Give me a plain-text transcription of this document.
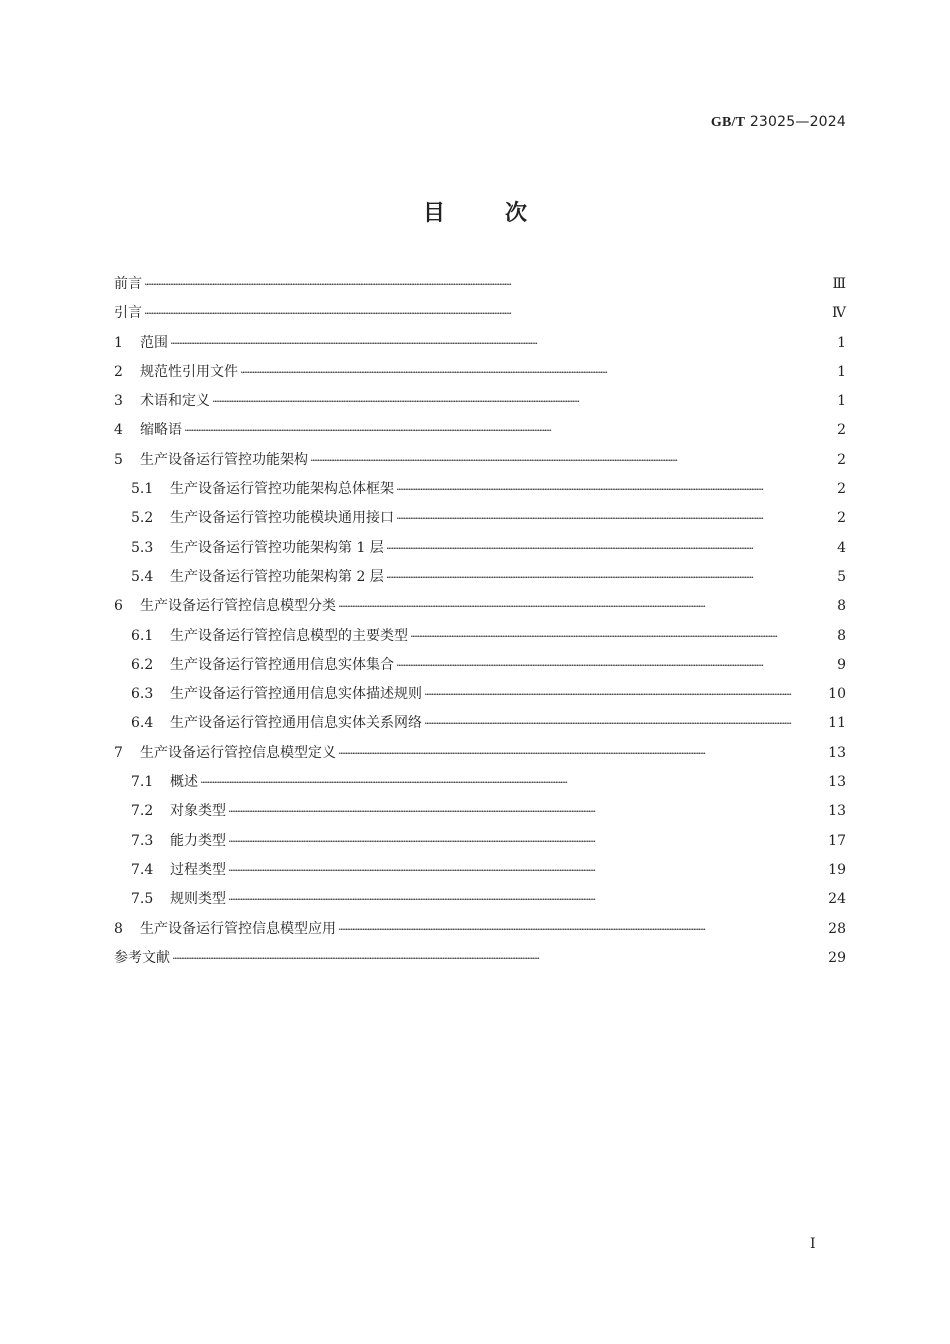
GB/T 23025—2024
目次
前言 ·····	Ⅲ
引言 ·····	Ⅳ
1 范围 ·····	1
2 规范性引用文件 ·····	1
3 术语和定义 ·····	1
4 缩略语 ·····	2
5 生产设备运行管控功能架构 ·····	2
5.1 生产设备运行管控功能架构总体框架 ·····	2
5.2 生产设备运行管控功能模块通用接口 ·····	2
5.3 生产设备运行管控功能架构第 1 层 ·····	4
5.4 生产设备运行管控功能架构第 2 层 ·····	5
6 生产设备运行管控信息模型分类 ·····	8
6.1 生产设备运行管控信息模型的主要类型 ·····	8
6.2 生产设备运行管控通用信息实体集合 ·····	9
6.3 生产设备运行管控通用信息实体描述规则 ·····	10
6.4 生产设备运行管控通用信息实体关系网络 ·····	11
7 生产设备运行管控信息模型定义 ·····	13
7.1 概述 ·····	13
7.2 对象类型 ·····	13
7.3 能力类型 ·····	17
7.4 过程类型 ·····	19
7.5 规则类型 ·····	24
8 生产设备运行管控信息模型应用 ·····	28
参考文献 ·····	29
I
